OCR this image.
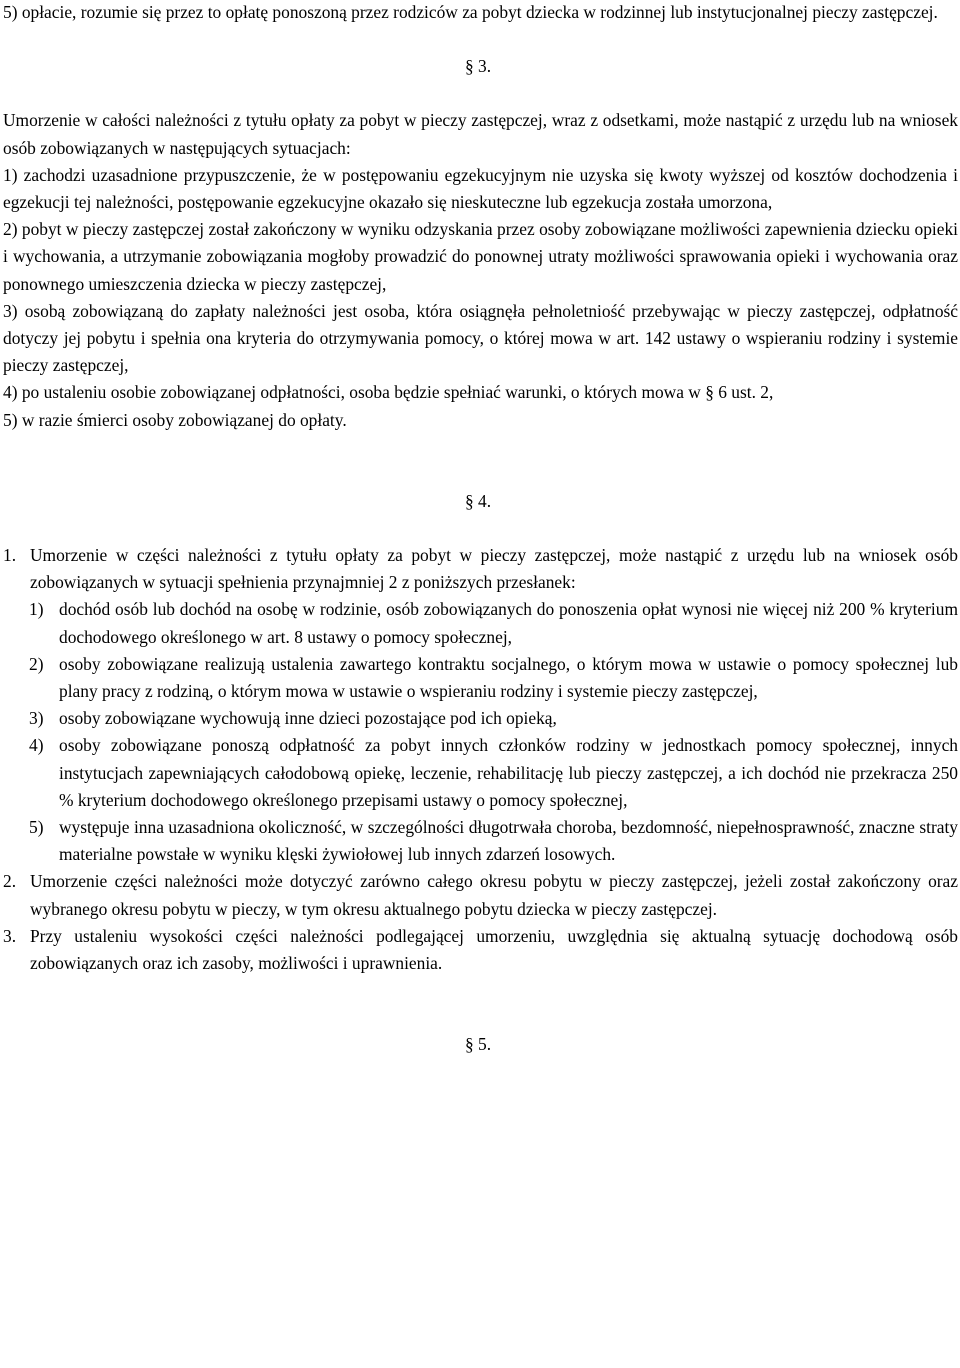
5) opłacie, rozumie się przez to opłatę ponoszoną przez rodziców za pobyt dziecka w rodzinnej lub instytucjonalnej pieczy zastępczej.

§ 3.

Umorzenie w całości należności z tytułu opłaty za pobyt w pieczy zastępczej, wraz z odsetkami, może nastąpić z urzędu lub na wniosek osób zobowiązanych w następujących sytuacjach:

1) zachodzi uzasadnione przypuszczenie, że w postępowaniu egzekucyjnym nie uzyska się kwoty wyższej od kosztów dochodzenia i egzekucji tej należności, postępowanie egzekucyjne okazało się nieskuteczne lub egzekucja została umorzona,

2) pobyt w pieczy zastępczej został zakończony w wyniku odzyskania przez osoby zobowiązane możliwości zapewnienia dziecku opieki i wychowania, a utrzymanie zobowiązania mogłoby prowadzić do ponownej utraty możliwości sprawowania opieki i wychowania oraz ponownego umieszczenia dziecka w pieczy zastępczej,

3) osobą zobowiązaną do zapłaty należności jest osoba, która osiągnęła pełnoletniość przebywając w pieczy zastępczej, odpłatność dotyczy jej pobytu i spełnia ona kryteria do otrzymywania pomocy, o której mowa w art. 142 ustawy o wspieraniu rodziny i systemie pieczy zastępczej,

4) po ustaleniu osobie zobowiązanej odpłatności, osoba będzie spełniać warunki, o których mowa w § 6 ust. 2,

5) w razie śmierci osoby zobowiązanej do opłaty.

§ 4.

1. Umorzenie w części należności z tytułu opłaty za pobyt w pieczy zastępczej, może nastąpić z urzędu lub na wniosek osób zobowiązanych w sytuacji spełnienia przynajmniej 2 z poniższych przesłanek:
1) dochód osób lub dochód na osobę w rodzinie, osób zobowiązanych do ponoszenia opłat wynosi nie więcej niż 200 % kryterium dochodowego określonego w art. 8 ustawy o pomocy społecznej,
2) osoby zobowiązane realizują ustalenia zawartego kontraktu socjalnego, o którym mowa w ustawie o pomocy społecznej lub plany pracy z rodziną, o którym mowa w ustawie o wspieraniu rodziny i systemie pieczy zastępczej,
3) osoby zobowiązane wychowują inne dzieci pozostające pod ich opieką,
4) osoby zobowiązane ponoszą odpłatność za pobyt innych członków rodziny w jednostkach pomocy społecznej, innych instytucjach zapewniających całodobową opiekę, leczenie, rehabilitację lub pieczy zastępczej, a ich dochód nie przekracza 250 % kryterium dochodowego określonego przepisami ustawy o pomocy społecznej,
5) występuje inna uzasadniona okoliczność, w szczególności długotrwała choroba, bezdomność, niepełnosprawność, znaczne straty materialne powstałe w wyniku klęski żywiołowej lub innych zdarzeń losowych.
2. Umorzenie części należności może dotyczyć zarówno całego okresu pobytu w pieczy zastępczej, jeżeli został zakończony oraz wybranego okresu pobytu w pieczy, w tym okresu aktualnego pobytu dziecka w pieczy zastępczej.
3. Przy ustaleniu wysokości części należności podlegającej umorzeniu, uwzględnia się aktualną sytuację dochodową osób zobowiązanych oraz ich zasoby, możliwości i uprawnienia.

§ 5.
